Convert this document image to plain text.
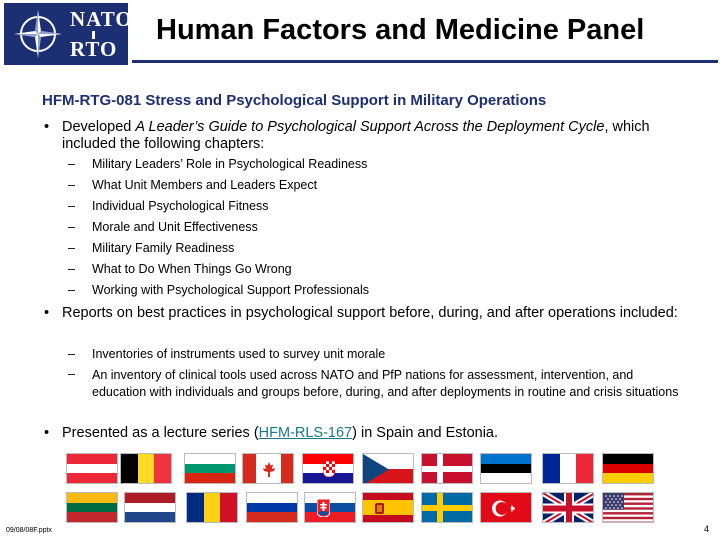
NATO
RTO
Human Factors and Medicine Panel
HFM-RTG-081 Stress and Psychological Support in Military Operations
• Developed A Leader’s Guide to Psychological Support Across the Deployment Cycle, which included the following chapters:
– Military Leaders’ Role in Psychological Readiness
– What Unit Members and Leaders Expect
– Individual Psychological Fitness
– Morale and Unit Effectiveness
– Military Family Readiness
– What to Do When Things Go Wrong
– Working with Psychological Support Professionals
• Reports on best practices in psychological support before, during, and after operations included:
– Inventories of instruments used to survey unit morale
– An inventory of clinical tools used across NATO and PfP nations for assessment, intervention, and education with individuals and groups before, during, and after deployments in routine and crisis situations
• Presented as a lecture series (HFM-RLS-167) in Spain and Estonia.
09/08/08F.pptx	4
